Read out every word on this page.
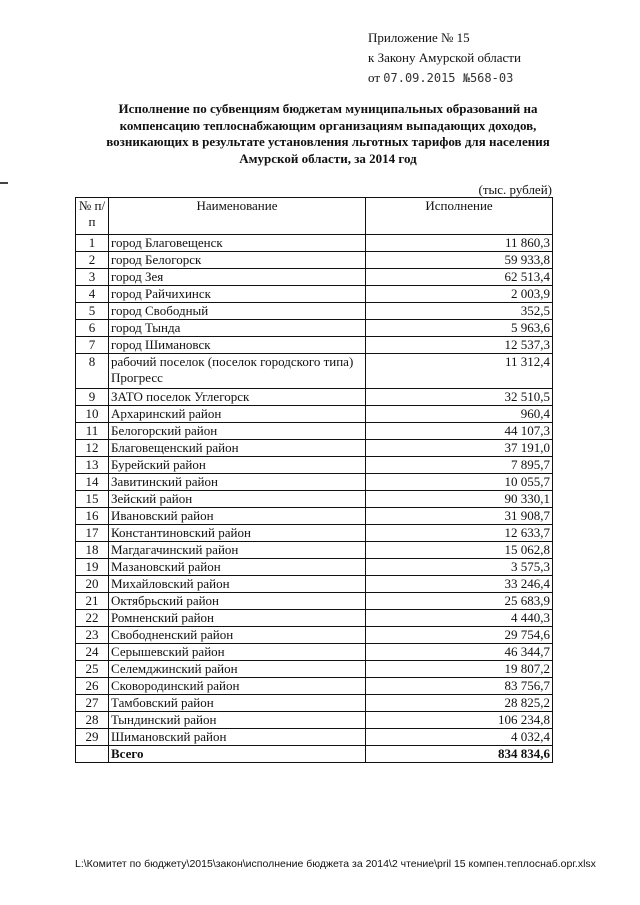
Приложение № 15
к Закону Амурской области
от 07.09.2015 №568-03
Исполнение по субвенциям бюджетам муниципальных образований на компенсацию теплоснабжающим организациям выпадающих доходов, возникающих в результате установления льготных тарифов для населения Амурской области, за 2014 год
(тыс. рублей)
№ п/п	Наименование	Исполнение
1	город Благовещенск	11 860,3
2	город Белогорск	59 933,8
3	город Зея	62 513,4
4	город Райчихинск	2 003,9
5	город Свободный	352,5
6	город Тында	5 963,6
7	город Шимановск	12 537,3
8	рабочий поселок (поселок городского типа) Прогресс	11 312,4
9	ЗАТО поселок Углегорск	32 510,5
10	Архаринский район	960,4
11	Белогорский район	44 107,3
12	Благовещенский район	37 191,0
13	Бурейский район	7 895,7
14	Завитинский район	10 055,7
15	Зейский район	90 330,1
16	Ивановский район	31 908,7
17	Константиновский район	12 633,7
18	Магдагачинский район	15 062,8
19	Мазановский район	3 575,3
20	Михайловский район	33 246,4
21	Октябрьский район	25 683,9
22	Ромненский район	4 440,3
23	Свободненский район	29 754,6
24	Серышевский район	46 344,7
25	Селемджинский район	19 807,2
26	Сковородинский район	83 756,7
27	Тамбовский район	28 825,2
28	Тындинский район	106 234,8
29	Шимановский район	4 032,4
	Всего	834 834,6
L:\Комитет по бюджету\2015\закон\исполнение бюджета за 2014\2 чтение\pril 15 компен.теплоснаб.орг.xlsx
